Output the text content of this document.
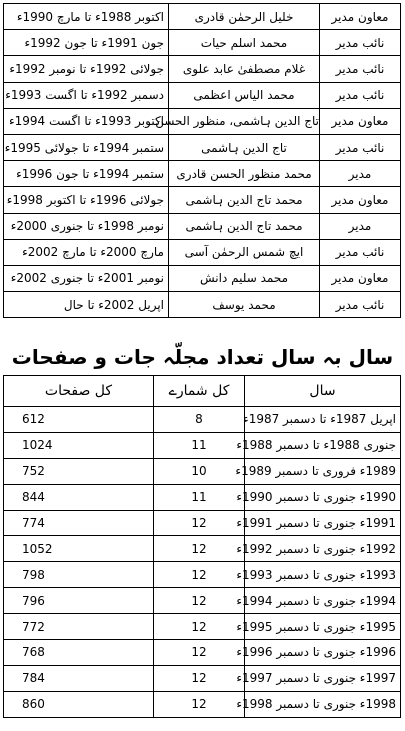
معاون مدیر	خلیل الرحمٰن قادری	اکتوبر 1988ء تا مارچ 1990ء
نائب مدیر	محمد اسلم حیات	جون 1991ء تا جون 1992ء
نائب مدیر	غلام مصطفیٰ عابد علوی	جولائی 1992ء تا نومبر 1992ء
نائب مدیر	محمد الیاس اعظمی	دسمبر 1992ء تا اگست 1993ء
معاون مدیر	تاج الدین ہاشمی، منظور الحسن	اکتوبر 1993ء تا اگست 1994ء
نائب مدیر	تاج الدین ہاشمی	ستمبر 1994ء تا جولائی 1995ء
مدیر	محمد منظور الحسن قادری	ستمبر 1994ء تا جون 1996ء
معاون مدیر	محمد تاج الدین ہاشمی	جولائی 1996ء تا اکتوبر 1998ء
مدیر	محمد تاج الدین ہاشمی	نومبر 1998ء تا جنوری 2000ء
نائب مدیر	ایچ شمس الرحمٰن آسی	مارچ 2000ء تا مارچ 2002ء
معاون مدیر	محمد سلیم دانش	نومبر 2001ء تا جنوری 2002ء
نائب مدیر	محمد یوسف	اپریل 2002ء تا حال
سال بہ سال تعداد مجلّہ جات و صفحات
سال	کل شمارے	کل صفحات
اپریل 1987ء تا دسمبر 1987ء	8	612
جنوری 1988ء تا دسمبر 1988ء	11	1024
1989ء فروری تا دسمبر 1989ء	10	752
1990ء جنوری تا دسمبر 1990ء	11	844
1991ء جنوری تا دسمبر 1991ء	12	774
1992ء جنوری تا دسمبر 1992ء	12	1052
1993ء جنوری تا دسمبر 1993ء	12	798
1994ء جنوری تا دسمبر 1994ء	12	796
1995ء جنوری تا دسمبر 1995ء	12	772
1996ء جنوری تا دسمبر 1996ء	12	768
1997ء جنوری تا دسمبر 1997ء	12	784
1998ء جنوری تا دسمبر 1998ء	12	860
